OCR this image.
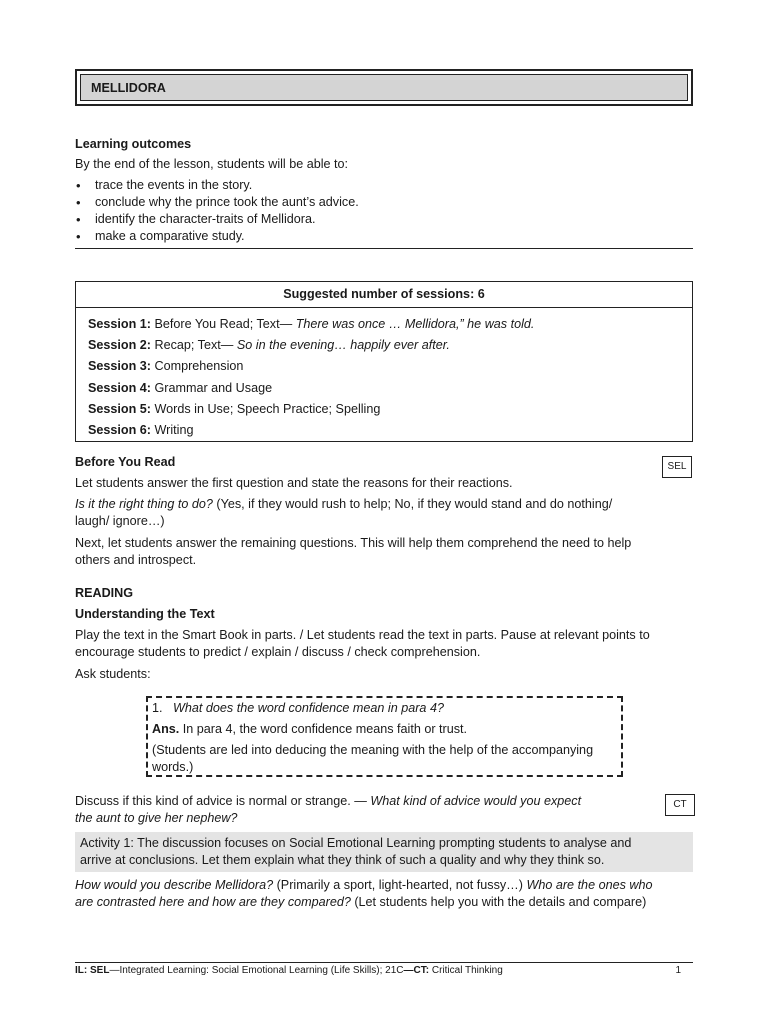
MELLIDORA
Learning outcomes
By the end of the lesson, students will be able to:
• trace the events in the story.
• conclude why the prince took the aunt’s advice.
• identify the character-traits of Mellidora.
• make a comparative study.
Suggested number of sessions: 6
Session 1: Before You Read; Text— There was once … Mellidora,” he was told.
Session 2: Recap; Text— So in the evening… happily ever after.
Session 3: Comprehension
Session 4: Grammar and Usage
Session 5: Words in Use; Speech Practice; Spelling
Session 6: Writing
Before You Read	SEL
Let students answer the first question and state the reasons for their reactions.
Is it the right thing to do? (Yes, if they would rush to help; No, if they would stand and do nothing/
laugh/ ignore…)
Next, let students answer the remaining questions. This will help them comprehend the need to help
others and introspect.
READING
Understanding the Text
Play the text in the Smart Book in parts. / Let students read the text in parts. Pause at relevant points to
encourage students to predict / explain / discuss / check comprehension.
Ask students:
1. What does the word confidence mean in para 4?
Ans. In para 4, the word confidence means faith or trust.
(Students are led into deducing the meaning with the help of the accompanying
words.)
Discuss if this kind of advice is normal or strange. — What kind of advice would you expect
the aunt to give her nephew?
CT
Activity 1: The discussion focuses on Social Emotional Learning prompting students to analyse and
arrive at conclusions. Let them explain what they think of such a quality and why they think so.
How would you describe Mellidora? (Primarily a sport, light-hearted, not fussy…) Who are the ones who
are contrasted here and how are they compared? (Let students help you with the details and compare)
IL: SEL—Integrated Learning: Social Emotional Learning (Life Skills); 21C—CT: Critical Thinking	1
